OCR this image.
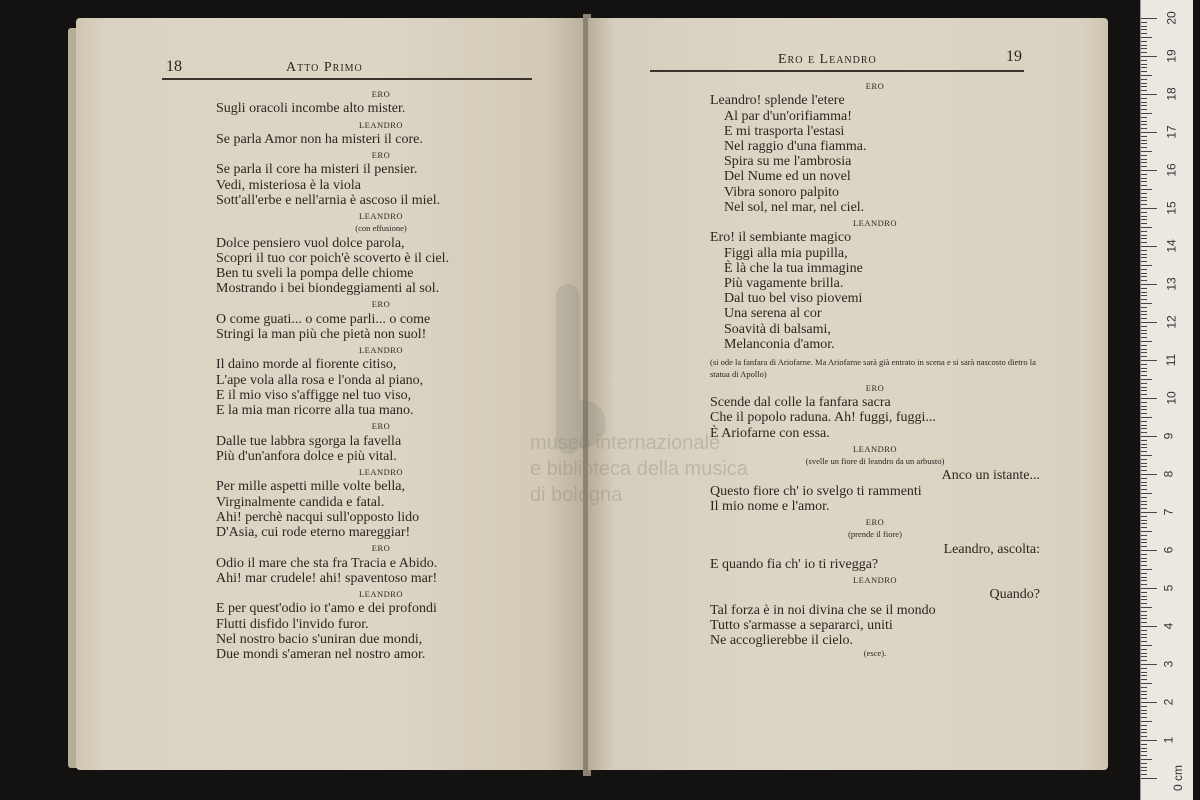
18	Atto Primo
ERO
Sugli oracoli incombe alto mister.
LEANDRO
Se parla Amor non ha misteri il core.
ERO
Se parla il core ha misteri il pensier.
Vedi, misteriosa è la viola
Sott'all'erbe e nell'arnia è ascoso il miel.
LEANDRO
(con effusione)
Dolce pensiero vuol dolce parola,
Scopri il tuo cor poich'è scoverto è il ciel.
Ben tu sveli la pompa delle chiome
Mostrando i bei biondeggiamenti al sol.
ERO
O come guati... o come parli... o come
Stringi la man più che pietà non suol!
LEANDRO
Il daino morde al fiorente citiso,
L'ape vola alla rosa e l'onda al piano,
E il mio viso s'affigge nel tuo viso,
E la mia man ricorre alla tua mano.
ERO
Dalle tue labbra sgorga la favella
Più d'un'anfora dolce e più vital.
LEANDRO
Per mille aspetti mille volte bella,
Virginalmente candida e fatal.
Ahi! perchè nacqui sull'opposto lido
D'Asia, cui rode eterno mareggiar!
ERO
Odio il mare che sta fra Tracia e Abido.
Ahi! mar crudele! ahi! spaventoso mar!
LEANDRO
E per quest'odio io t'amo e dei profondi
Flutti disfido l'invido furor.
Nel nostro bacio s'uniran due mondi,
Due mondi s'ameran nel nostro amor.
Ero e Leandro	19
ERO
Leandro! splende l'etere
Al par d'un'orifiamma!
E mi trasporta l'estasi
Nel raggio d'una fiamma.
Spira su me l'ambrosia
Del Nume ed un novel
Vibra sonoro palpito
Nel sol, nel mar, nel ciel.
LEANDRO
Ero! il sembiante magico
Figgi alla mia pupilla,
È là che la tua immagine
Più vagamente brilla.
Dal tuo bel viso piovemi
Una serena al cor
Soavità di balsami,
Melanconia d'amor.
(si ode la fanfara di Ariofarne. Ma Ariofarne sarà già entrato in scena e si sarà nascosto dietro la statua di Apollo)
ERO
Scende dal colle la fanfara sacra
Che il popolo raduna. Ah! fuggi, fuggi...
È Ariofarne con essa.
LEANDRO
(svelle un fiore di leandro da un arbusto)
Anco un istante...
Questo fiore ch' io svelgo ti rammenti
Il mio nome e l'amor.
ERO
(prende il fiore)
Leandro, ascolta:
E quando fia ch' io ti rivegga?
LEANDRO
Quando?
Tal forza è in noi divina che se il mondo
Tutto s'armasse a separarci, uniti
Ne accoglierebbe il cielo.
(esce).
museo internazionale
e biblioteca della musica
di bologna
20
19
18
17
16
15
14
13
12
11
10
9
8
7
6
5
4
3
2
1
0 cm
